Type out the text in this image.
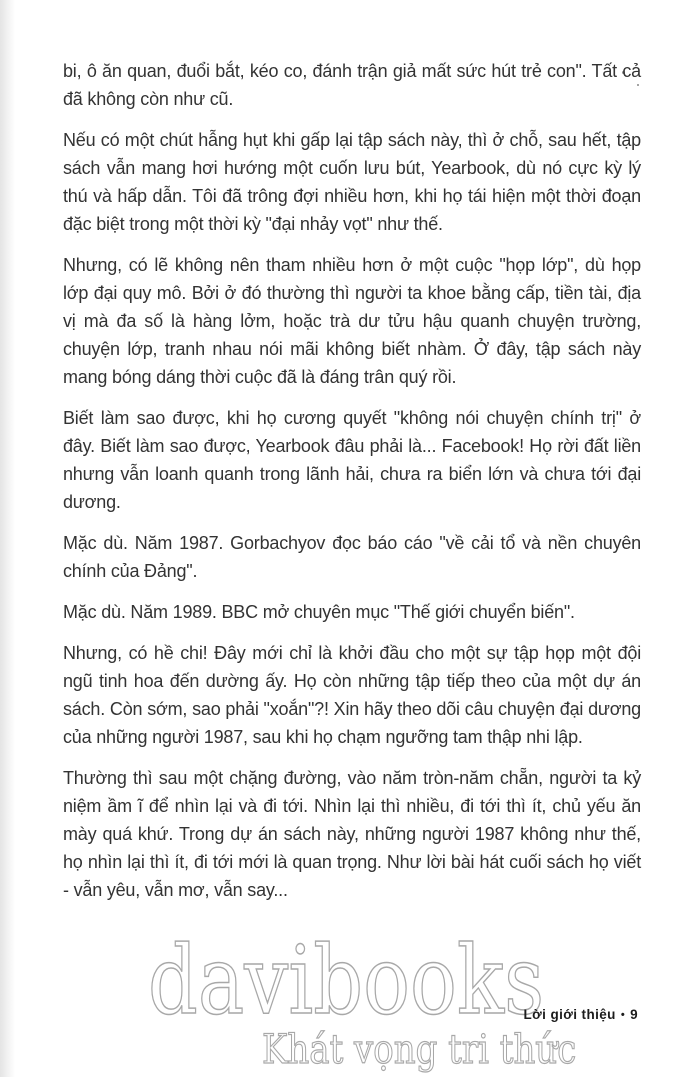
bi, ô ăn quan, đuổi bắt, kéo co, đánh trận giả mất sức hút trẻ con". Tất cả đã không còn như cũ.

Nếu có một chút hẫng hụt khi gấp lại tập sách này, thì ở chỗ, sau hết, tập sách vẫn mang hơi hướng một cuốn lưu bút, Yearbook, dù nó cực kỳ lý thú và hấp dẫn. Tôi đã trông đợi nhiều hơn, khi họ tái hiện một thời đoạn đặc biệt trong một thời kỳ "đại nhảy vọt" như thế.

Nhưng, có lẽ không nên tham nhiều hơn ở một cuộc "họp lớp", dù họp lớp đại quy mô. Bởi ở đó thường thì người ta khoe bằng cấp, tiền tài, địa vị mà đa số là hàng lởm, hoặc trà dư tửu hậu quanh chuyện trường, chuyện lớp, tranh nhau nói mãi không biết nhàm. Ở đây, tập sách này mang bóng dáng thời cuộc đã là đáng trân quý rồi.

Biết làm sao được, khi họ cương quyết "không nói chuyện chính trị" ở đây. Biết làm sao được, Yearbook đâu phải là... Facebook! Họ rời đất liền nhưng vẫn loanh quanh trong lãnh hải, chưa ra biển lớn và chưa tới đại dương.

Mặc dù. Năm 1987. Gorbachyov đọc báo cáo "về cải tổ và nền chuyên chính của Đảng".

Mặc dù. Năm 1989. BBC mở chuyên mục "Thế giới chuyển biến".

Nhưng, có hề chi! Đây mới chỉ là khởi đầu cho một sự tập họp một đội ngũ tinh hoa đến dường ấy. Họ còn những tập tiếp theo của một dự án sách. Còn sớm, sao phải "xoắn"?! Xin hãy theo dõi câu chuyện đại dương của những người 1987, sau khi họ chạm ngưỡng tam thập nhi lập.

Thường thì sau một chặng đường, vào năm tròn-năm chẵn, người ta kỷ niệm ầm ĩ để nhìn lại và đi tới. Nhìn lại thì nhiều, đi tới thì ít, chủ yếu ăn mày quá khứ. Trong dự án sách này, những người 1987 không như thế, họ nhìn lại thì ít, đi tới mới là quan trọng. Như lời bài hát cuối sách họ viết - vẫn yêu, vẫn mơ, vẫn say...

Lời giới thiệu • 9
davibooks
Khát vọng tri thức
